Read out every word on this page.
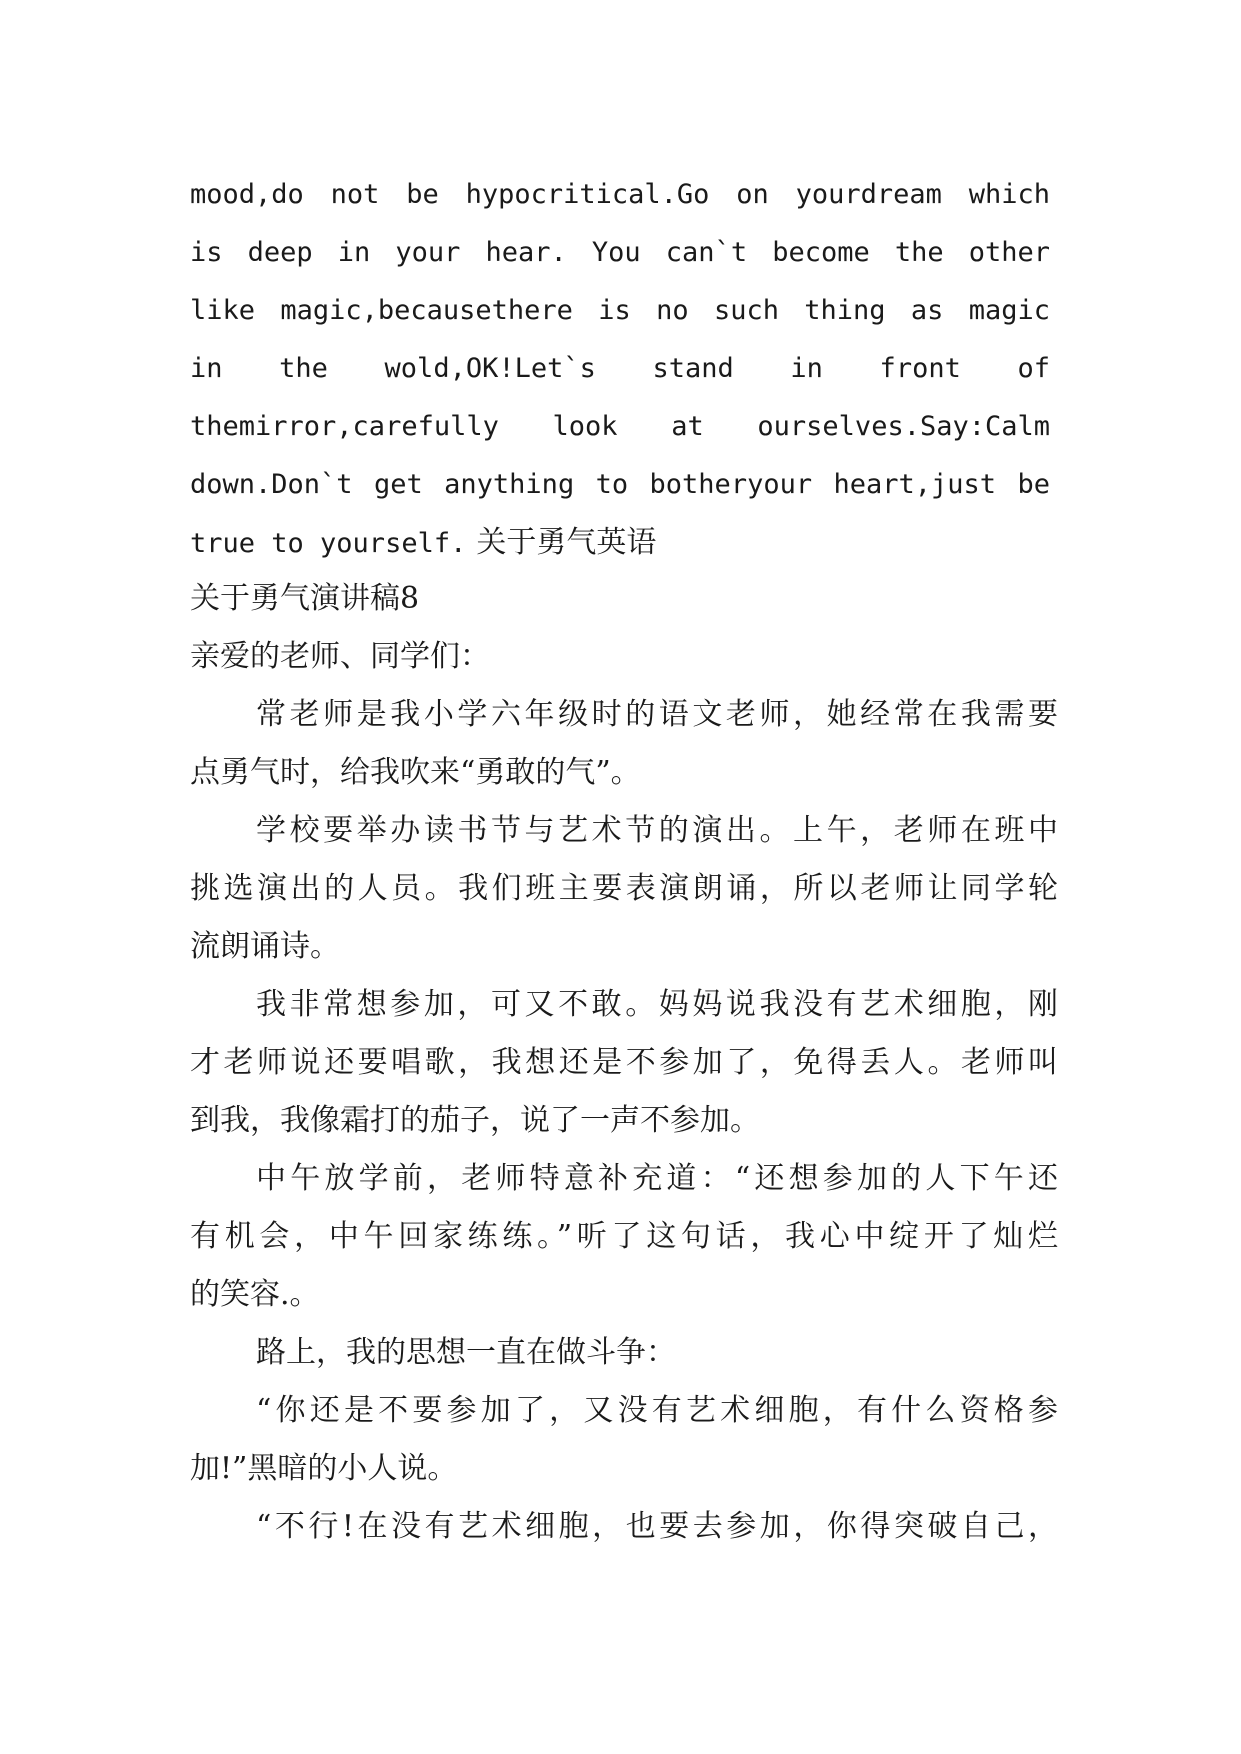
mood,do not be hypocritical.Go on yourdream which
is deep in your hear. You can`t become the other
like magic,becausethere is no such thing as magic
in the wold,OK!Let`s stand in front of
themirror,carefully look at ourselves.Say:Calm
down.Don`t get anything to botheryour heart,just be
true to yourself. 关于勇气英语
关于勇气演讲稿8
亲爱的老师、同学们：
常老师是我小学六年级时的语文老师，她经常在我需要
点勇气时，给我吹来“勇敢的气”。
学校要举办读书节与艺术节的演出。上午，老师在班中
挑选演出的人员。我们班主要表演朗诵，所以老师让同学轮
流朗诵诗。
我非常想参加，可又不敢。妈妈说我没有艺术细胞，刚
才老师说还要唱歌，我想还是不参加了，免得丢人。老师叫
到我，我像霜打的茄子，说了一声不参加。
中午放学前，老师特意补充道：“还想参加的人下午还
有机会，中午回家练练。”听了这句话，我心中绽开了灿烂
的笑容.。
路上，我的思想一直在做斗争：
“你还是不要参加了，又没有艺术细胞，有什么资格参
加!”黑暗的小人说。
“不行!在没有艺术细胞，也要去参加，你得突破自己，
